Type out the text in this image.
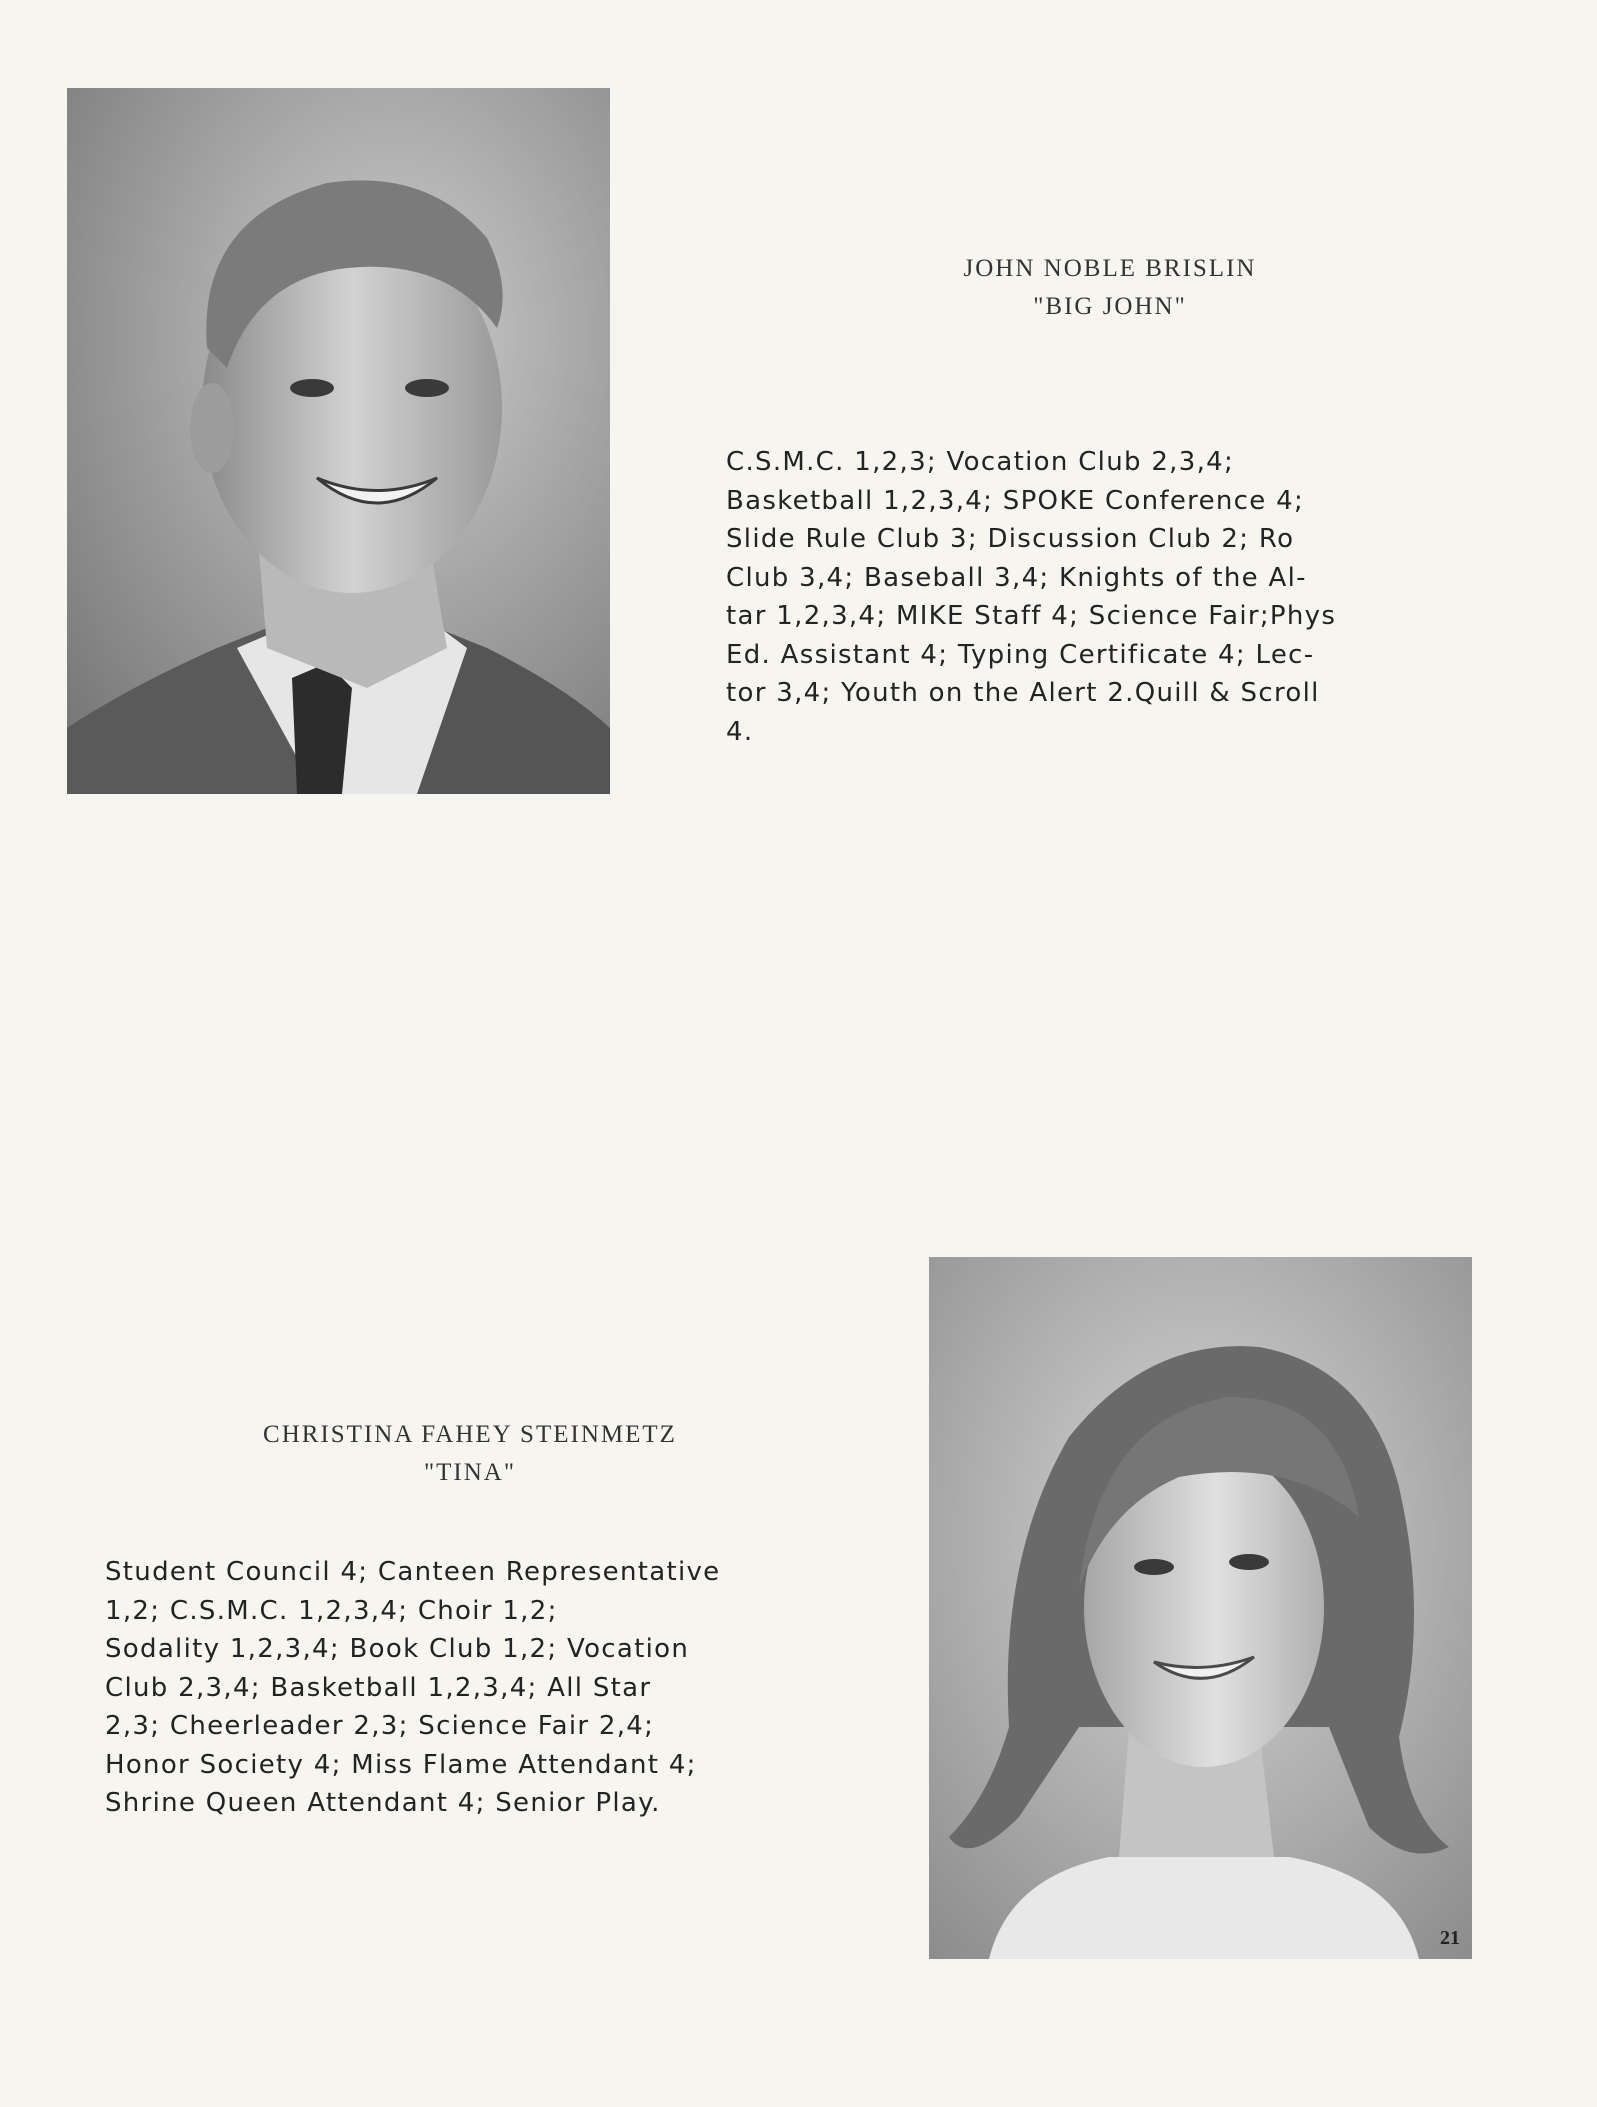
JOHN NOBLE BRISLIN
"BIG JOHN"

C.S.M.C. 1,2,3; Vocation Club 2,3,4;
Basketball 1,2,3,4; SPOKE Conference 4;
Slide Rule Club 3; Discussion Club 2; Ro
Club 3,4; Baseball 3,4; Knights of the Al-
tar 1,2,3,4; MIKE Staff 4; Science Fair;Phys
Ed. Assistant 4; Typing Certificate 4; Lec-
tor 3,4; Youth on the Alert 2.Quill & Scroll
4.

CHRISTINA FAHEY STEINMETZ
"TINA"

Student Council 4; Canteen Representative
1,2; C.S.M.C. 1,2,3,4; Choir 1,2;
Sodality 1,2,3,4; Book Club 1,2; Vocation
Club 2,3,4; Basketball 1,2,3,4; All Star
2,3; Cheerleader 2,3; Science Fair 2,4;
Honor Society 4; Miss Flame Attendant 4;
Shrine Queen Attendant 4; Senior Play.

21
